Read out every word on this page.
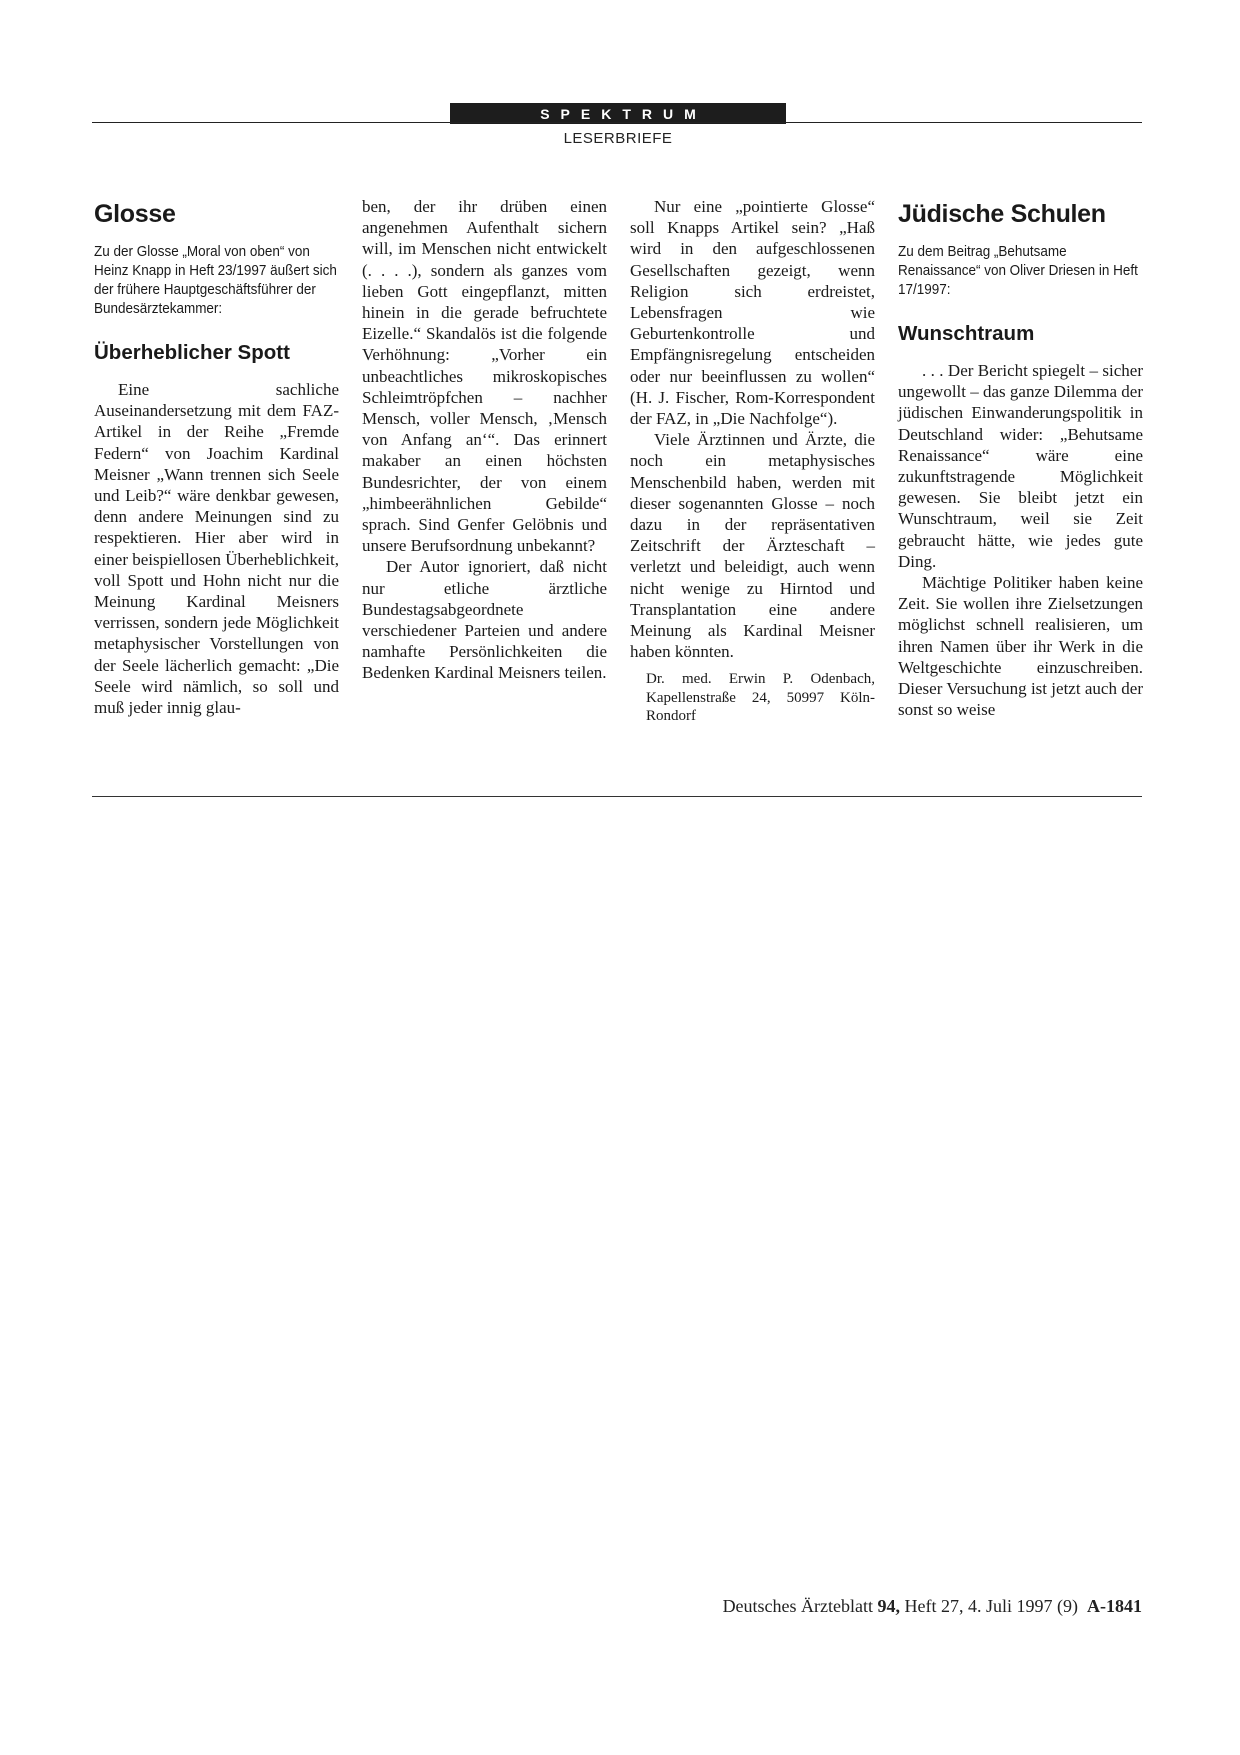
SPEKTRUM
LESERBRIEFE
Glosse
Zu der Glosse „Moral von oben“ von Heinz Knapp in Heft 23/1997 äußert sich der frühere Hauptgeschäftsführer der Bundesärztekammer:
Überheblicher Spott

Eine sachliche Auseinandersetzung mit dem FAZ-Artikel in der Reihe „Fremde Federn“ von Joachim Kardinal Meisner „Wann trennen sich Seele und Leib?“ wäre denkbar gewesen, denn andere Meinungen sind zu respektieren. Hier aber wird in einer beispiellosen Überheblichkeit, voll Spott und Hohn nicht nur die Meinung Kardinal Meisners verrissen, sondern jede Möglichkeit metaphysischer Vorstellungen von der Seele lächerlich gemacht: „Die Seele wird nämlich, so soll und muß jeder innig glau-

ben, der ihr drüben einen angenehmen Aufenthalt sichern will, im Menschen nicht entwickelt (. . . .), sondern als ganzes vom lieben Gott eingepflanzt, mitten hinein in die gerade befruchtete Eizelle.“ Skandalös ist die folgende Verhöhnung: „Vorher ein unbeachtliches mikroskopisches Schleimtröpfchen – nachher Mensch, voller Mensch, ‚Mensch von Anfang an‘“. Das erinnert makaber an einen höchsten Bundesrichter, der von einem „himbeerähnlichen Gebilde“ sprach. Sind Genfer Gelöbnis und unsere Berufsordnung unbekannt?

Der Autor ignoriert, daß nicht nur etliche ärztliche Bundestagsabgeordnete verschiedener Parteien und andere namhafte Persönlichkeiten die Bedenken Kardinal Meisners teilen.

Nur eine „pointierte Glosse“ soll Knapps Artikel sein? „Haß wird in den aufgeschlossenen Gesellschaften gezeigt, wenn Religion sich erdreistet, Lebensfragen wie Geburtenkontrolle und Empfängnisregelung entscheiden oder nur beeinflussen zu wollen“ (H. J. Fischer, Rom-Korrespondent der FAZ, in „Die Nachfolge“).

Viele Ärztinnen und Ärzte, die noch ein metaphysisches Menschenbild haben, werden mit dieser sogenannten Glosse – noch dazu in der repräsentativen Zeitschrift der Ärzteschaft – verletzt und beleidigt, auch wenn nicht wenige zu Hirntod und Transplantation eine andere Meinung als Kardinal Meisner haben könnten.

Dr. med. Erwin P. Odenbach, Kapellenstraße 24, 50997 Köln-Rondorf
Jüdische Schulen
Zu dem Beitrag „Behutsame Renaissance“ von Oliver Driesen in Heft 17/1997:
Wunschtraum

. . . Der Bericht spiegelt – sicher ungewollt – das ganze Dilemma der jüdischen Einwanderungspolitik in Deutschland wider: „Behutsame Renaissance“ wäre eine zukunftstragende Möglichkeit gewesen. Sie bleibt jetzt ein Wunschtraum, weil sie Zeit gebraucht hätte, wie jedes gute Ding.

Mächtige Politiker haben keine Zeit. Sie wollen ihre Zielsetzungen möglichst schnell realisieren, um ihren Namen über ihr Werk in die Weltgeschichte einzuschreiben. Dieser Versuchung ist jetzt auch der sonst so weise

Deutsches Ärzteblatt 94, Heft 27, 4. Juli 1997 (9) A-1841
